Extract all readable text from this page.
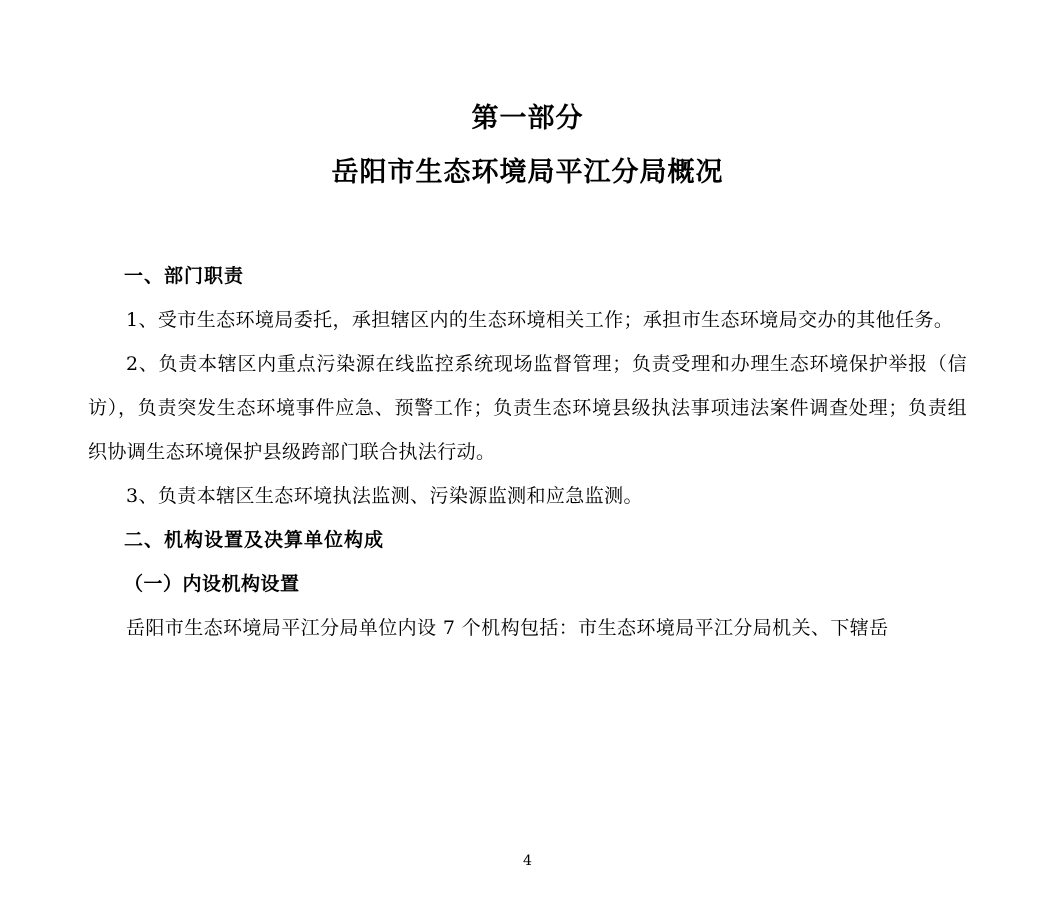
第一部分
岳阳市生态环境局平江分局概况
一、部门职责
1、受市生态环境局委托，承担辖区内的生态环境相关工作；承担市生态环境局交办的其他任务。
2、负责本辖区内重点污染源在线监控系统现场监督管理；负责受理和办理生态环境保护举报（信访），负责突发生态环境事件应急、预警工作；负责生态环境县级执法事项违法案件调查处理；负责组织协调生态环境保护县级跨部门联合执法行动。
3、负责本辖区生态环境执法监测、污染源监测和应急监测。
二、机构设置及决算单位构成
（一）内设机构设置
岳阳市生态环境局平江分局单位内设 7 个机构包括：市生态环境局平江分局机关、下辖岳
4
